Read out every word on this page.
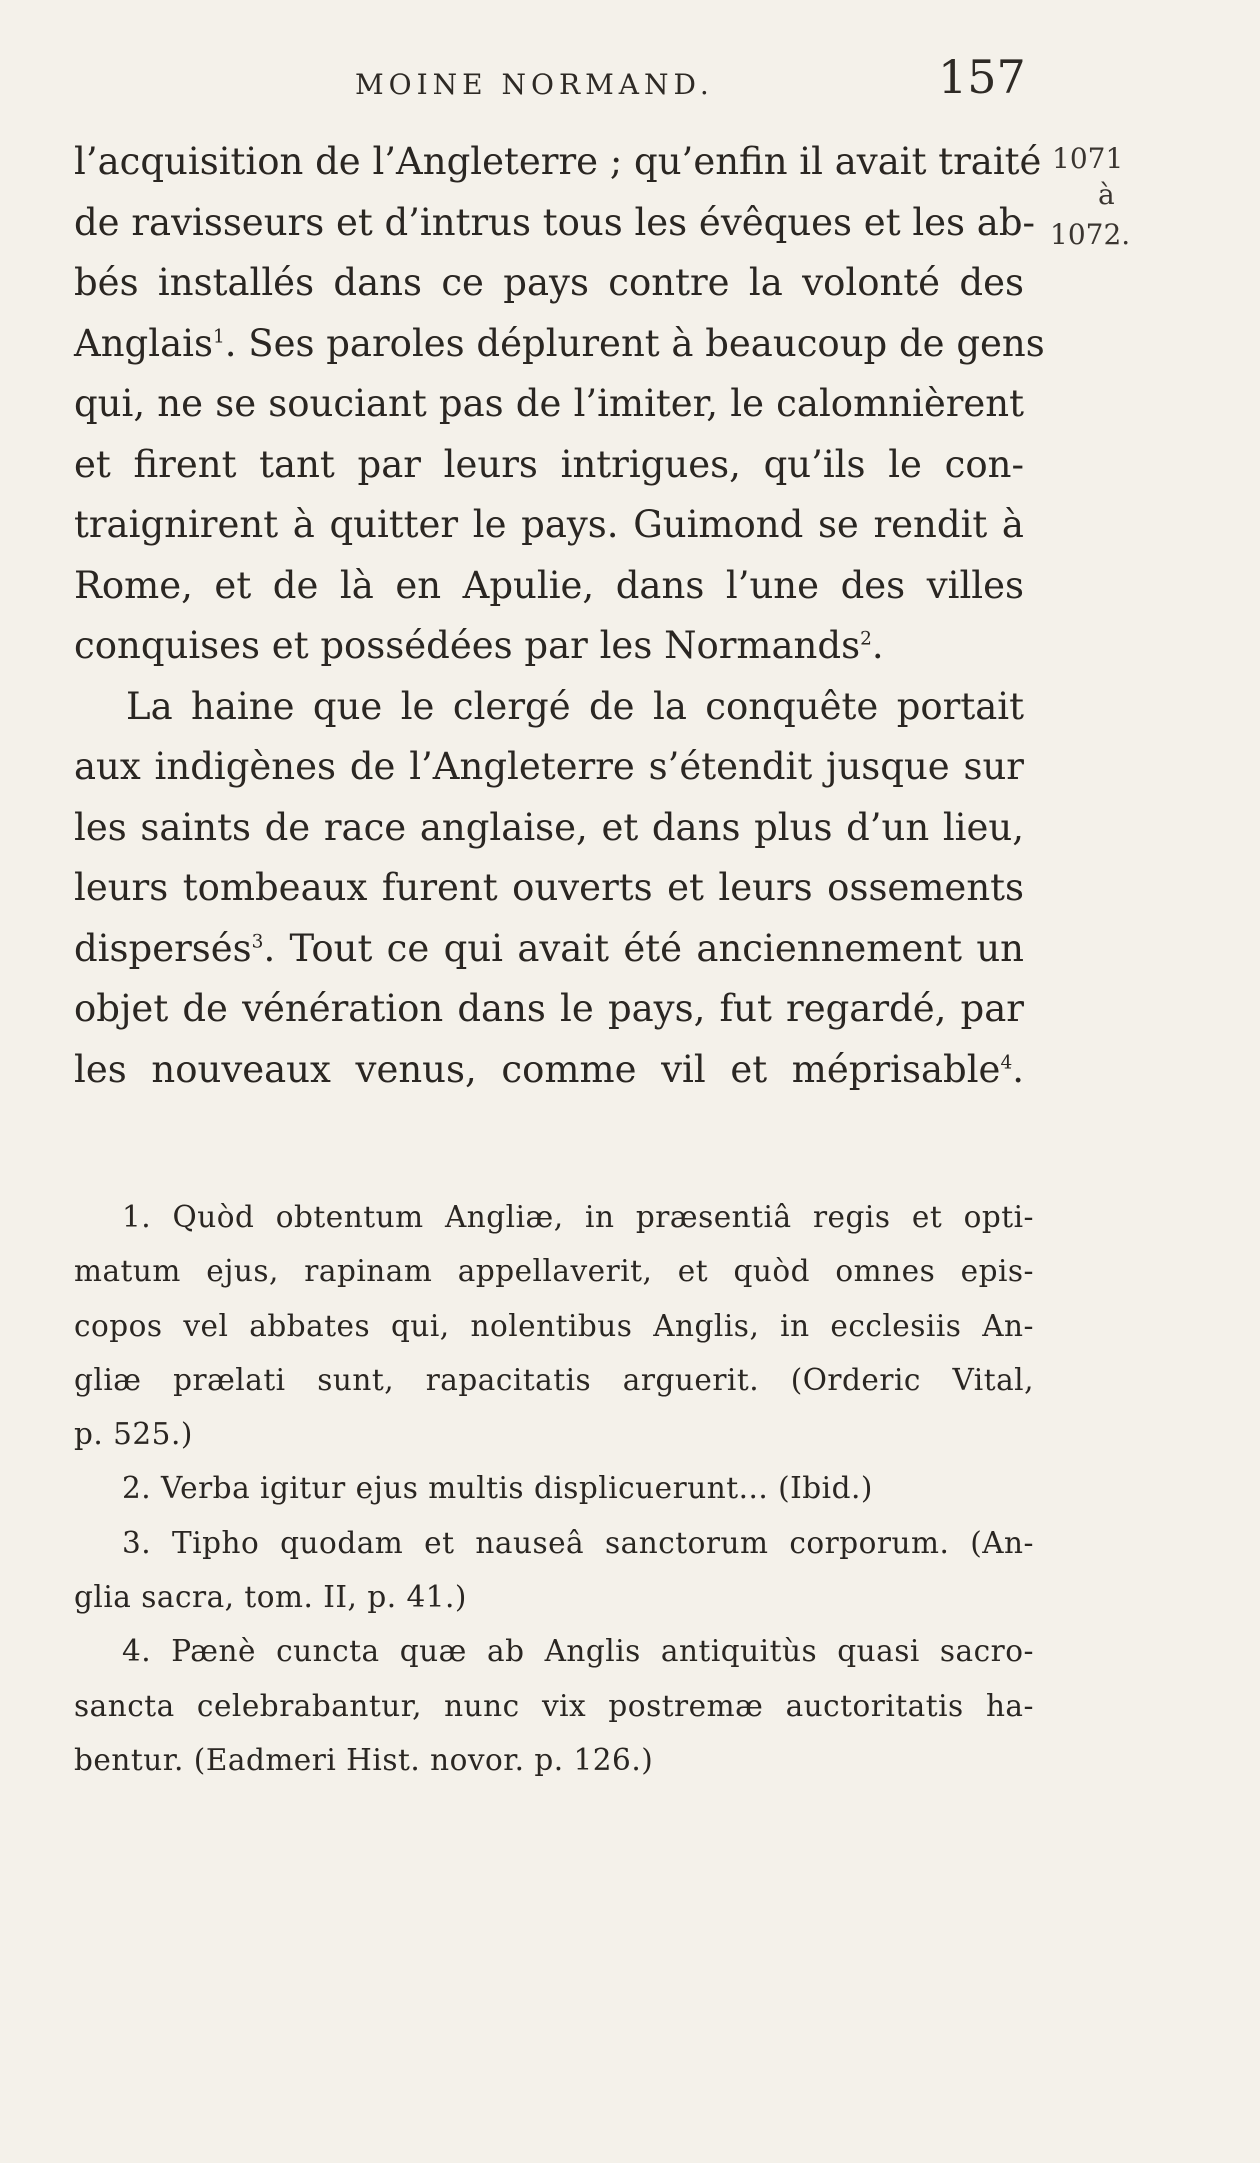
MOINE NORMAND.	157
1071
à
1072.
l’acquisition de l’Angleterre ; qu’enfin il avait traité
de ravisseurs et d’intrus tous les évêques et les ab-
bés installés dans ce pays contre la volonté des
Anglais$^1$. Ses paroles déplurent à beaucoup de gens
qui, ne se souciant pas de l’imiter, le calomnièrent
et firent tant par leurs intrigues, qu’ils le con-
traignirent à quitter le pays. Guimond se rendit à
Rome, et de là en Apulie, dans l’une des villes
conquises et possédées par les Normands$^2$.
La haine que le clergé de la conquête portait
aux indigènes de l’Angleterre s’étendit jusque sur
les saints de race anglaise, et dans plus d’un lieu,
leurs tombeaux furent ouverts et leurs ossements
dispersés$^3$. Tout ce qui avait été anciennement un
objet de vénération dans le pays, fut regardé, par
les nouveaux venus, comme vil et méprisable$^4$.
1. Quòd obtentum Angliæ, in præsentiâ regis et opti-
matum ejus, rapinam appellaverit, et quòd omnes epis-
copos vel abbates qui, nolentibus Anglis, in ecclesiis An-
gliæ prælati sunt, rapacitatis arguerit. (Orderic Vital,
p. 525.)
2. Verba igitur ejus multis displicuerunt... (Ibid.)
3. Tipho quodam et nauseâ sanctorum corporum. (An-
glia sacra, tom. II, p. 41.)
4. Pænè cuncta quæ ab Anglis antiquitùs quasi sacro-
sancta celebrabantur, nunc vix postremæ auctoritatis ha-
bentur. (Eadmeri Hist. novor. p. 126.)
